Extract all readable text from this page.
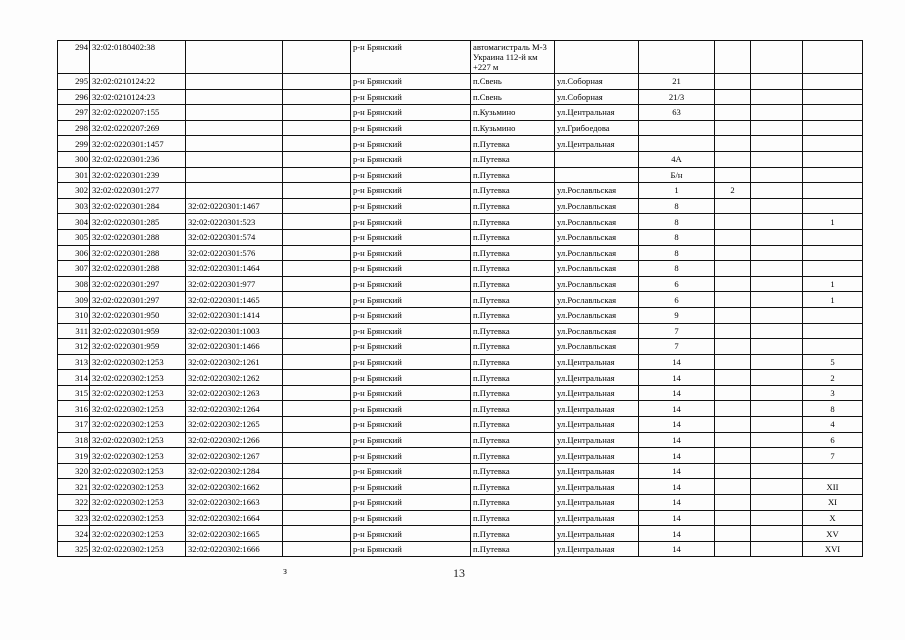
294	32:02:0180402:38			р-н Брянский	автомагистраль М-3 Украина 112-й км +227 м					
295	32:02:0210124:22			р-н Брянский	п.Свень	ул.Соборная	21			
296	32:02:0210124:23			р-н Брянский	п.Свень	ул.Соборная	21/3			
297	32:02:0220207:155			р-н Брянский	п.Кузьмино	ул.Центральная	63			
298	32:02:0220207:269			р-н Брянский	п.Кузьмино	ул.Грибоедова				
299	32:02:0220301:1457			р-н Брянский	п.Путевка	ул.Центральная				
300	32:02:0220301:236			р-н Брянский	п.Путевка		4А			
301	32:02:0220301:239			р-н Брянский	п.Путевка		Б/н			
302	32:02:0220301:277			р-н Брянский	п.Путевка	ул.Рославльская	1	2		
303	32:02:0220301:284	32:02:0220301:1467		р-н Брянский	п.Путевка	ул.Рославльская	8			
304	32:02:0220301:285	32:02:0220301:523		р-н Брянский	п.Путевка	ул.Рославльская	8			1
305	32:02:0220301:288	32:02:0220301:574		р-н Брянский	п.Путевка	ул.Рославльская	8			
306	32:02:0220301:288	32:02:0220301:576		р-н Брянский	п.Путевка	ул.Рославльская	8			
307	32:02:0220301:288	32:02:0220301:1464		р-н Брянский	п.Путевка	ул.Рославльская	8			
308	32:02:0220301:297	32:02:0220301:977		р-н Брянский	п.Путевка	ул.Рославльская	6			1
309	32:02:0220301:297	32:02:0220301:1465		р-н Брянский	п.Путевка	ул.Рославльская	6			1
310	32:02:0220301:950	32:02:0220301:1414		р-н Брянский	п.Путевка	ул.Рославльская	9			
311	32:02:0220301:959	32:02:0220301:1003		р-н Брянский	п.Путевка	ул.Рославльская	7			
312	32:02:0220301:959	32:02:0220301:1466		р-н Брянский	п.Путевка	ул.Рославльская	7			
313	32:02:0220302:1253	32:02:0220302:1261		р-н Брянский	п.Путевка	ул.Центральная	14			5
314	32:02:0220302:1253	32:02:0220302:1262		р-н Брянский	п.Путевка	ул.Центральная	14			2
315	32:02:0220302:1253	32:02:0220302:1263		р-н Брянский	п.Путевка	ул.Центральная	14			3
316	32:02:0220302:1253	32:02:0220302:1264		р-н Брянский	п.Путевка	ул.Центральная	14			8
317	32:02:0220302:1253	32:02:0220302:1265		р-н Брянский	п.Путевка	ул.Центральная	14			4
318	32:02:0220302:1253	32:02:0220302:1266		р-н Брянский	п.Путевка	ул.Центральная	14			6
319	32:02:0220302:1253	32:02:0220302:1267		р-н Брянский	п.Путевка	ул.Центральная	14			7
320	32:02:0220302:1253	32:02:0220302:1284		р-н Брянский	п.Путевка	ул.Центральная	14			
321	32:02:0220302:1253	32:02:0220302:1662		р-н Брянский	п.Путевка	ул.Центральная	14			XII
322	32:02:0220302:1253	32:02:0220302:1663		р-н Брянский	п.Путевка	ул.Центральная	14			XI
323	32:02:0220302:1253	32:02:0220302:1664		р-н Брянский	п.Путевка	ул.Центральная	14			X
324	32:02:0220302:1253	32:02:0220302:1665		р-н Брянский	п.Путевка	ул.Центральная	14			XV
325	32:02:0220302:1253	32:02:0220302:1666		р-н Брянский	п.Путевка	ул.Центральная	14			XVI
з	13
